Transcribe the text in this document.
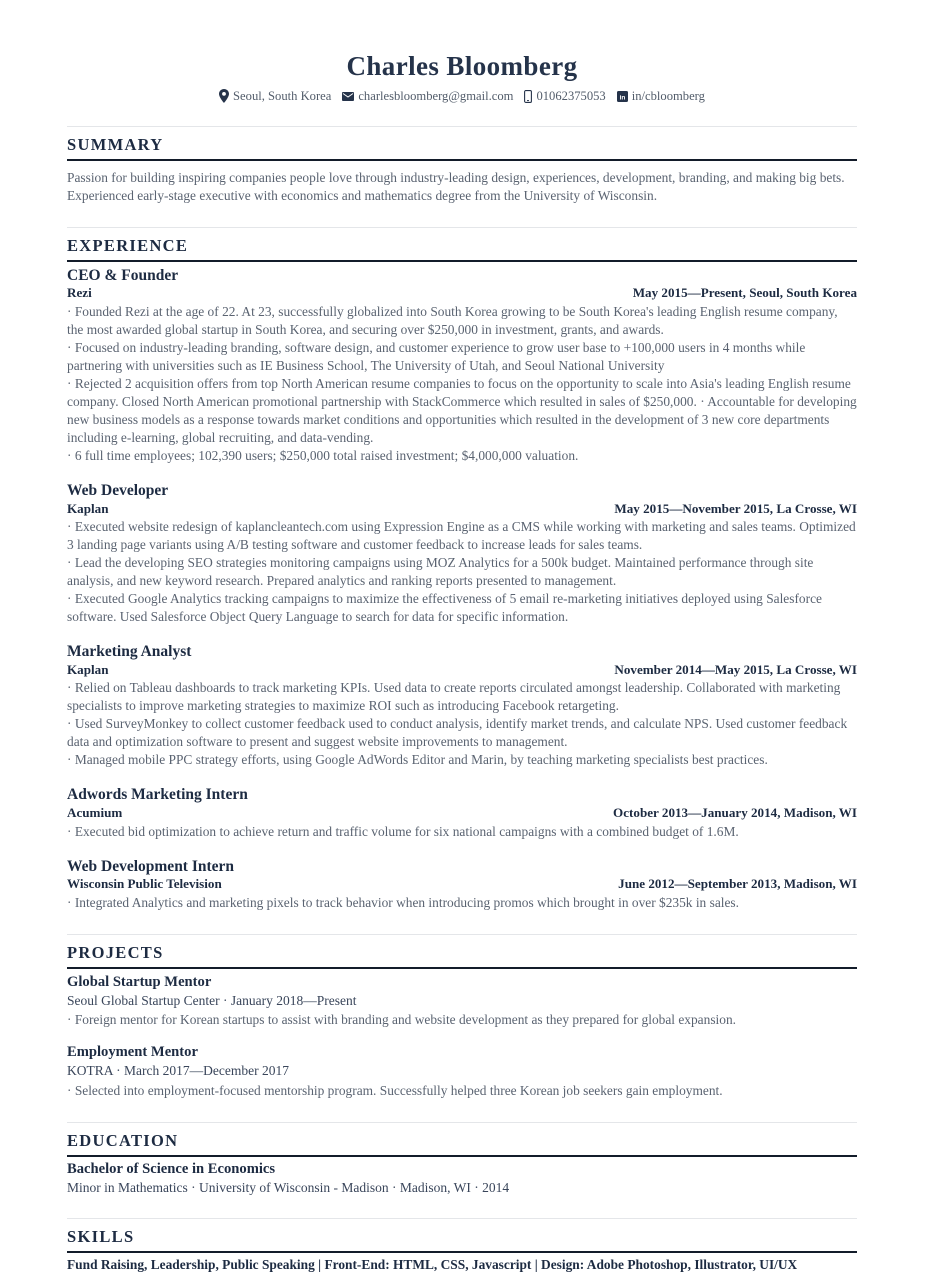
Charles Bloomberg
Seoul, South Korea charlesbloomberg@gmail.com 01062375053 in in/cbloomberg
SUMMARY

Passion for building inspiring companies people love through industry-leading design, experiences, development, branding, and making big bets. Experienced early-stage executive with economics and mathematics degree from the University of Wisconsin.

EXPERIENCE

CEO & Founder

Rezi	May 2015—Present, Seoul, South Korea

· Founded Rezi at the age of 22. At 23, successfully globalized into South Korea growing to be South Korea's leading English resume company, the most awarded global startup in South Korea, and securing over $250,000 in investment, grants, and awards.

· Focused on industry-leading branding, software design, and customer experience to grow user base to +100,000 users in 4 months while partnering with universities such as IE Business School, The University of Utah, and Seoul National University

· Rejected 2 acquisition offers from top North American resume companies to focus on the opportunity to scale into Asia's leading English resume company. Closed North American promotional partnership with StackCommerce which resulted in sales of $250,000. · Accountable for developing new business models as a response towards market conditions and opportunities which resulted in the development of 3 new core departments including e-learning, global recruiting, and data-vending.

· 6 full time employees; 102,390 users; $250,000 total raised investment; $4,000,000 valuation.

Web Developer

Kaplan	May 2015—November 2015, La Crosse, WI

· Executed website redesign of kaplancleantech.com using Expression Engine as a CMS while working with marketing and sales teams. Optimized 3 landing page variants using A/B testing software and customer feedback to increase leads for sales teams.

· Lead the developing SEO strategies monitoring campaigns using MOZ Analytics for a 500k budget. Maintained performance through site analysis, and new keyword research. Prepared analytics and ranking reports presented to management.

· Executed Google Analytics tracking campaigns to maximize the effectiveness of 5 email re-marketing initiatives deployed using Salesforce software. Used Salesforce Object Query Language to search for data for specific information.

Marketing Analyst

Kaplan	November 2014—May 2015, La Crosse, WI

· Relied on Tableau dashboards to track marketing KPIs. Used data to create reports circulated amongst leadership. Collaborated with marketing specialists to improve marketing strategies to maximize ROI such as introducing Facebook retargeting.

· Used SurveyMonkey to collect customer feedback used to conduct analysis, identify market trends, and calculate NPS. Used customer feedback data and optimization software to present and suggest website improvements to management.

· Managed mobile PPC strategy efforts, using Google AdWords Editor and Marin, by teaching marketing specialists best practices.

Adwords Marketing Intern

Acumium	October 2013—January 2014, Madison, WI

· Executed bid optimization to achieve return and traffic volume for six national campaigns with a combined budget of 1.6M.

Web Development Intern

Wisconsin Public Television	June 2012—September 2013, Madison, WI

· Integrated Analytics and marketing pixels to track behavior when introducing promos which brought in over $235k in sales.

PROJECTS

Global Startup Mentor

Seoul Global Startup Center · January 2018—Present

· Foreign mentor for Korean startups to assist with branding and website development as they prepared for global expansion.

Employment Mentor

KOTRA · March 2017—December 2017

· Selected into employment-focused mentorship program. Successfully helped three Korean job seekers gain employment.

EDUCATION

Bachelor of Science in Economics

Minor in Mathematics · University of Wisconsin - Madison · Madison, WI · 2014

SKILLS

Fund Raising, Leadership, Public Speaking | Front-End: HTML, CSS, Javascript | Design: Adobe Photoshop, Illustrator, UI/UX
